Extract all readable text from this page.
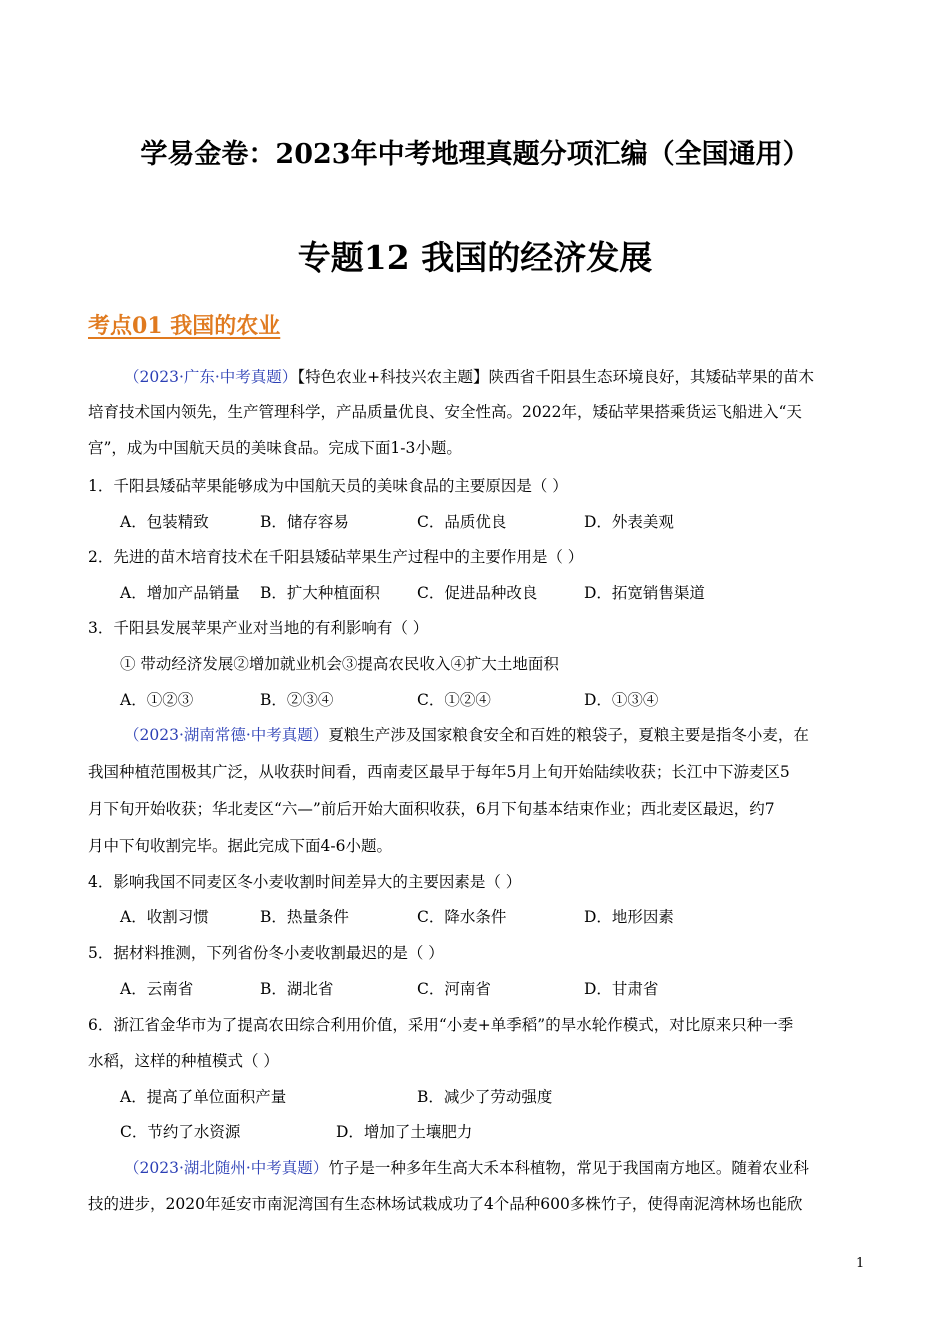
学易金卷：2023年中考地理真题分项汇编（全国通用）
专题12 我国的经济发展
考点01 我国的农业
（2023·广东·中考真题）【特色农业+科技兴农主题】陕西省千阳县生态环境良好，其矮砧苹果的苗木
培育技术国内领先，生产管理科学，产品质量优良、安全性高。2022年，矮砧苹果搭乘货运飞船进入“天
宫”，成为中国航天员的美味食品。完成下面1-3小题。
1．千阳县矮砧苹果能够成为中国航天员的美味食品的主要原因是（ ）
A．包装精致	B．储存容易	C．品质优良	D．外表美观
2．先进的苗木培育技术在千阳县矮砧苹果生产过程中的主要作用是（ ）
A．增加产品销量 B．扩大种植面积 C．促进品种改良	D．拓宽销售渠道
3．千阳县发展苹果产业对当地的有利影响有（ ）
① 带动经济发展②增加就业机会③提高农民收入④扩大土地面积
A．①②③	B．②③④	C．①②④	D．①③④
（2023·湖南常德·中考真题）夏粮生产涉及国家粮食安全和百姓的粮袋子，夏粮主要是指冬小麦，在
我国种植范围极其广泛，从收获时间看，西南麦区最早于每年5月上旬开始陆续收获；长江中下游麦区5
月下旬开始收获；华北麦区“六—”前后开始大面积收获，6月下旬基本结束作业；西北麦区最迟，约7
月中下旬收割完毕。据此完成下面4-6小题。
4．影响我国不同麦区冬小麦收割时间差异大的主要因素是（ ）
A．收割习惯	B．热量条件	C．降水条件	D．地形因素
5．据材料推测，下列省份冬小麦收割最迟的是（ ）
A．云南省	B．湖北省	C．河南省	D．甘肃省
6．浙江省金华市为了提高农田综合利用价值，采用“小麦+单季稻”的旱水轮作模式，对比原来只种一季
水稻，这样的种植模式（ ）
A．提高了单位面积产量	B．减少了劳动强度
C．节约了水资源	D．增加了土壤肥力
（2023·湖北随州·中考真题）竹子是一种多年生高大禾本科植物，常见于我国南方地区。随着农业科
技的进步，2020年延安市南泥湾国有生态林场试栽成功了4个品种600多株竹子，使得南泥湾林场也能欣
1
